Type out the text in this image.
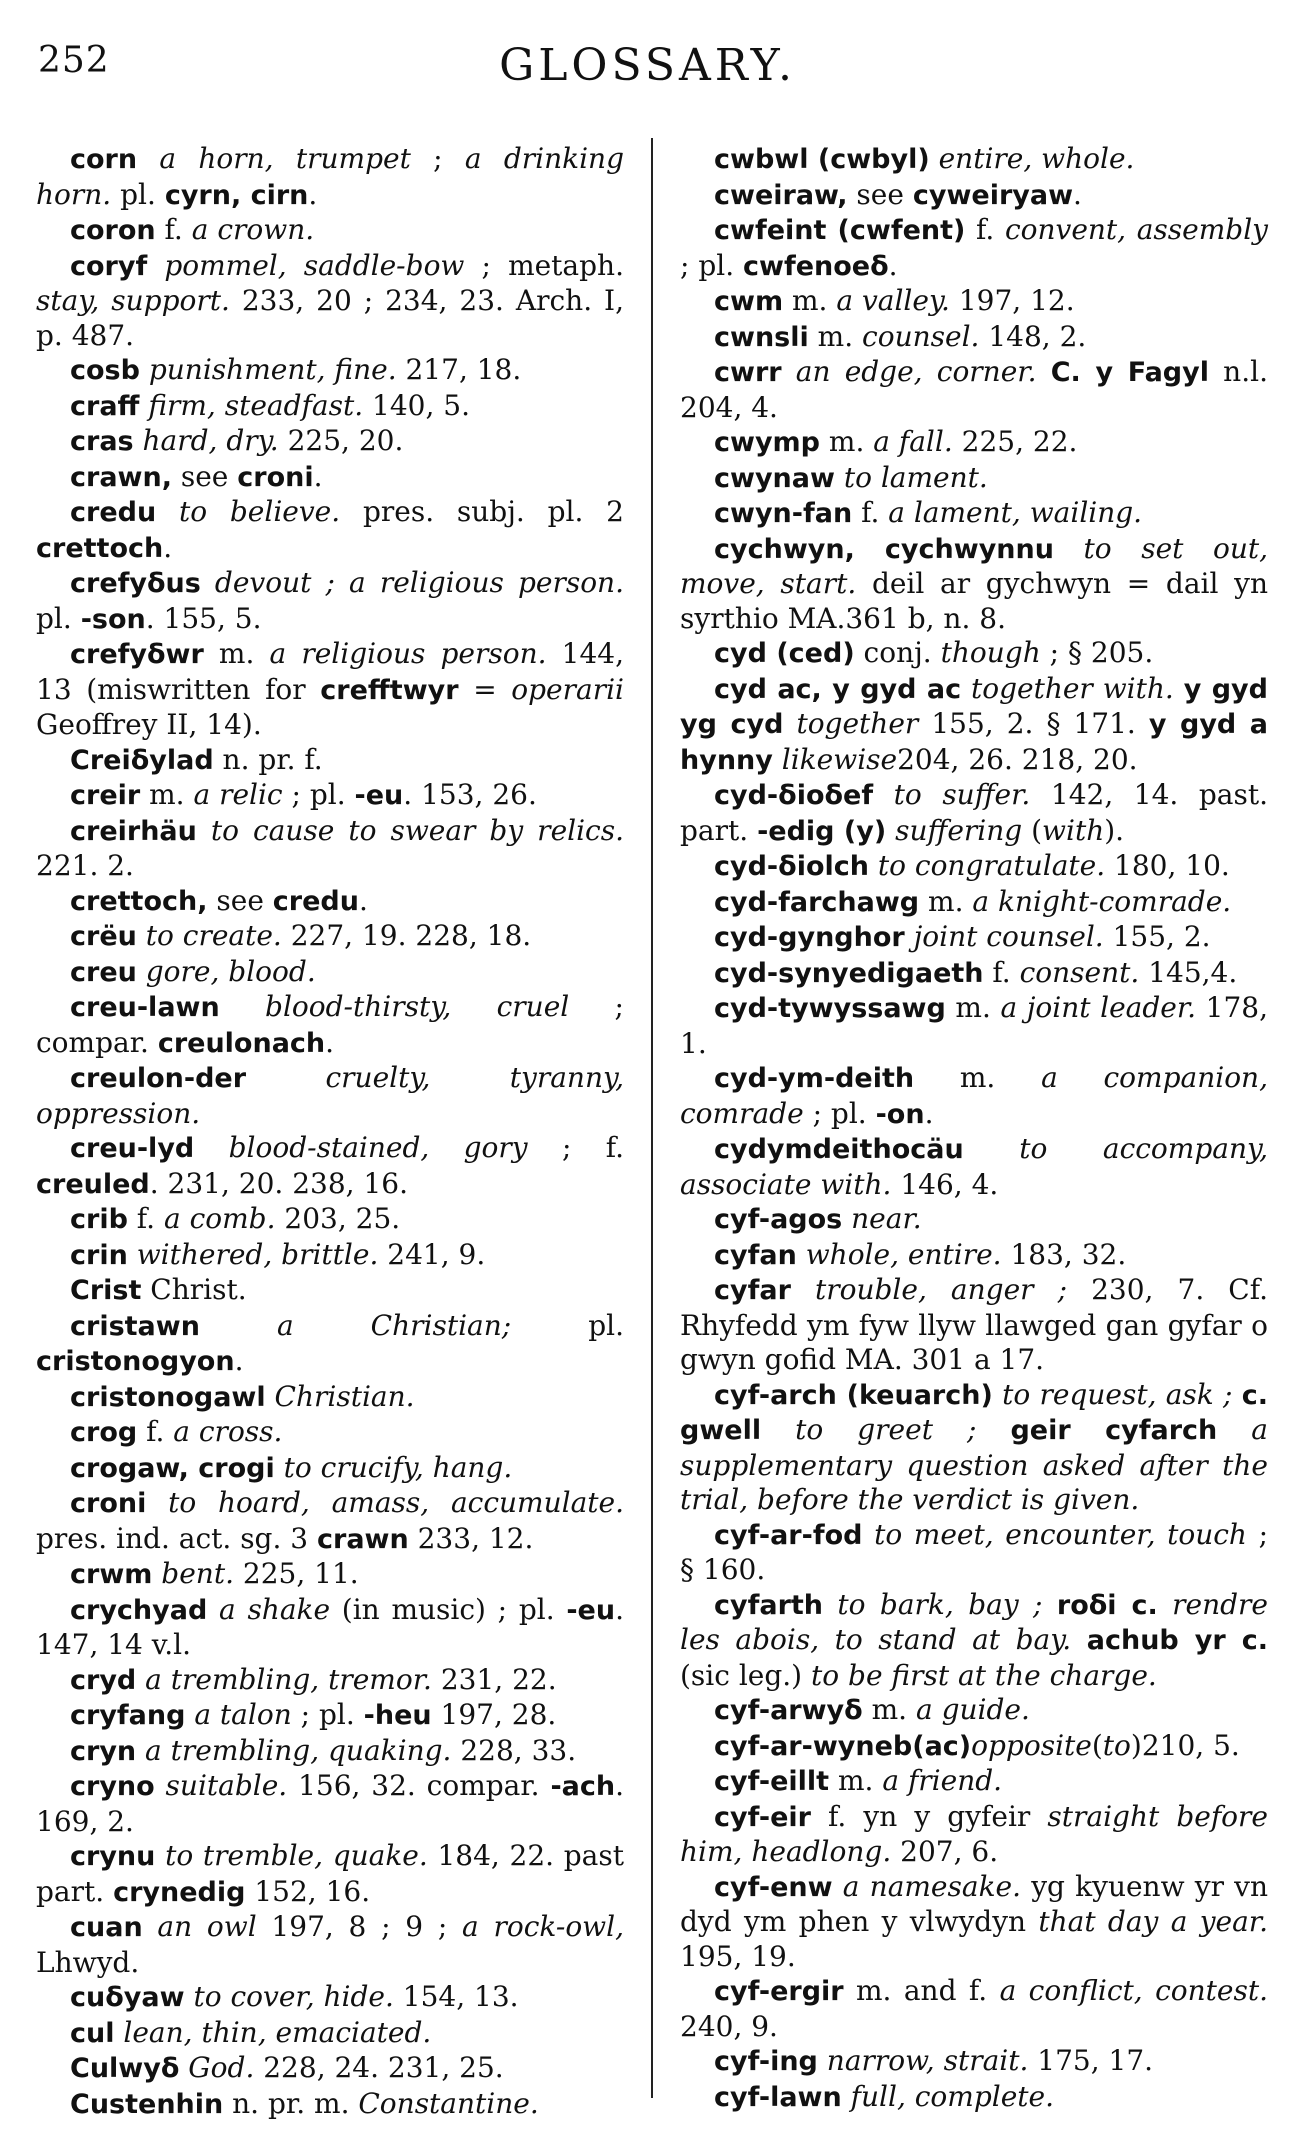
252	GLOSSARY.

corn a horn, trumpet ; a drinking horn. pl. cyrn, cirn.

coron f. a crown.

coryf pommel, saddle-bow ; metaph. stay, support. 233, 20 ; 234, 23. Arch. I, p. 487.

cosb punishment, fine. 217, 18.

craff firm, steadfast. 140, 5.

cras hard, dry. 225, 20.

crawn, see croni.

credu to believe. pres. subj. pl. 2 crettoch.

crefyδus devout ; a religious person. pl. -son. 155, 5.

crefyδwr m. a religious person. 144, 13 (miswritten for crefftwyr = operarii Geoffrey II, 14).

Creiδylad n. pr. f.

creir m. a relic ; pl. -eu. 153, 26.

creirhäu to cause to swear by relics. 221. 2.

crettoch, see credu.

crëu to create. 227, 19. 228, 18.

creu gore, blood.

creu-lawn blood-thirsty, cruel ; compar. creulonach.

creulon-der cruelty, tyranny, oppression.

creu-lyd blood-stained, gory ; f. creuled. 231, 20. 238, 16.

crib f. a comb. 203, 25.

crin withered, brittle. 241, 9.

Crist Christ.

cristawn a Christian; pl. cristonogyon.

cristonogawl Christian.

crog f. a cross.

crogaw, crogi to crucify, hang.

croni to hoard, amass, accumulate. pres. ind. act. sg. 3 crawn 233, 12.

crwm bent. 225, 11.

crychyad a shake (in music) ; pl. -eu. 147, 14 v.l.

cryd a trembling, tremor. 231, 22.

cryfang a talon ; pl. -heu 197, 28.

cryn a trembling, quaking. 228, 33.

cryno suitable. 156, 32. compar. -ach. 169, 2.

crynu to tremble, quake. 184, 22. past part. crynedig 152, 16.

cuan an owl 197, 8 ; 9 ; a rock-owl, Lhwyd.

cuδyaw to cover, hide. 154, 13.

cul lean, thin, emaciated.

Culwyδ God. 228, 24. 231, 25.

Custenhin n. pr. m. Constantine.

cwbwl (cwbyl) entire, whole.

cweiraw, see cyweiryaw.

cwfeint (cwfent) f. convent, assembly ; pl. cwfenoeδ.

cwm m. a valley. 197, 12.

cwnsli m. counsel. 148, 2.

cwrr an edge, corner. C. y Fagyl n.l. 204, 4.

cwymp m. a fall. 225, 22.

cwynaw to lament.

cwyn-fan f. a lament, wailing.

cychwyn, cychwynnu to set out, move, start. deil ar gychwyn = dail yn syrthio MA.361 b, n. 8.

cyd (ced) conj. though ; § 205.

cyd ac, y gyd ac together with. y gyd yg cyd together 155, 2. § 171. y gyd a hynny likewise204, 26. 218, 20.

cyd-δioδef to suffer. 142, 14. past. part. -edig (y) suffering (with).

cyd-δiolch to congratulate. 180, 10.

cyd-farchawg m. a knight-comrade.

cyd-gynghor joint counsel. 155, 2.

cyd-synyedigaeth f. consent. 145,4.

cyd-tywyssawg m. a joint leader. 178, 1.

cyd-ym-deith m. a companion, comrade ; pl. -on.

cydymdeithocäu to accompany, associate with. 146, 4.

cyf-agos near.

cyfan whole, entire. 183, 32.

cyfar trouble, anger ; 230, 7. Cf. Rhyfedd ym fyw llyw llawged gan gyfar o gwyn gofid MA. 301 a 17.

cyf-arch (keuarch) to request, ask ; c. gwell to greet ; geir cyfarch a supplementary question asked after the trial, before the verdict is given.

cyf-ar-fod to meet, encounter, touch ; § 160.

cyfarth to bark, bay ; roδi c. rendre les abois, to stand at bay. achub yr c. (sic leg.) to be first at the charge.

cyf-arwyδ m. a guide.

cyf-ar-wyneb(ac)opposite(to)210, 5.

cyf-eillt m. a friend.

cyf-eir f. yn y gyfeir straight before him, headlong. 207, 6.

cyf-enw a namesake. yg kyuenw yr vn dyd ym phen y vlwydyn that day a year. 195, 19.

cyf-ergir m. and f. a conflict, contest. 240, 9.

cyf-ing narrow, strait. 175, 17.

cyf-lawn full, complete.
